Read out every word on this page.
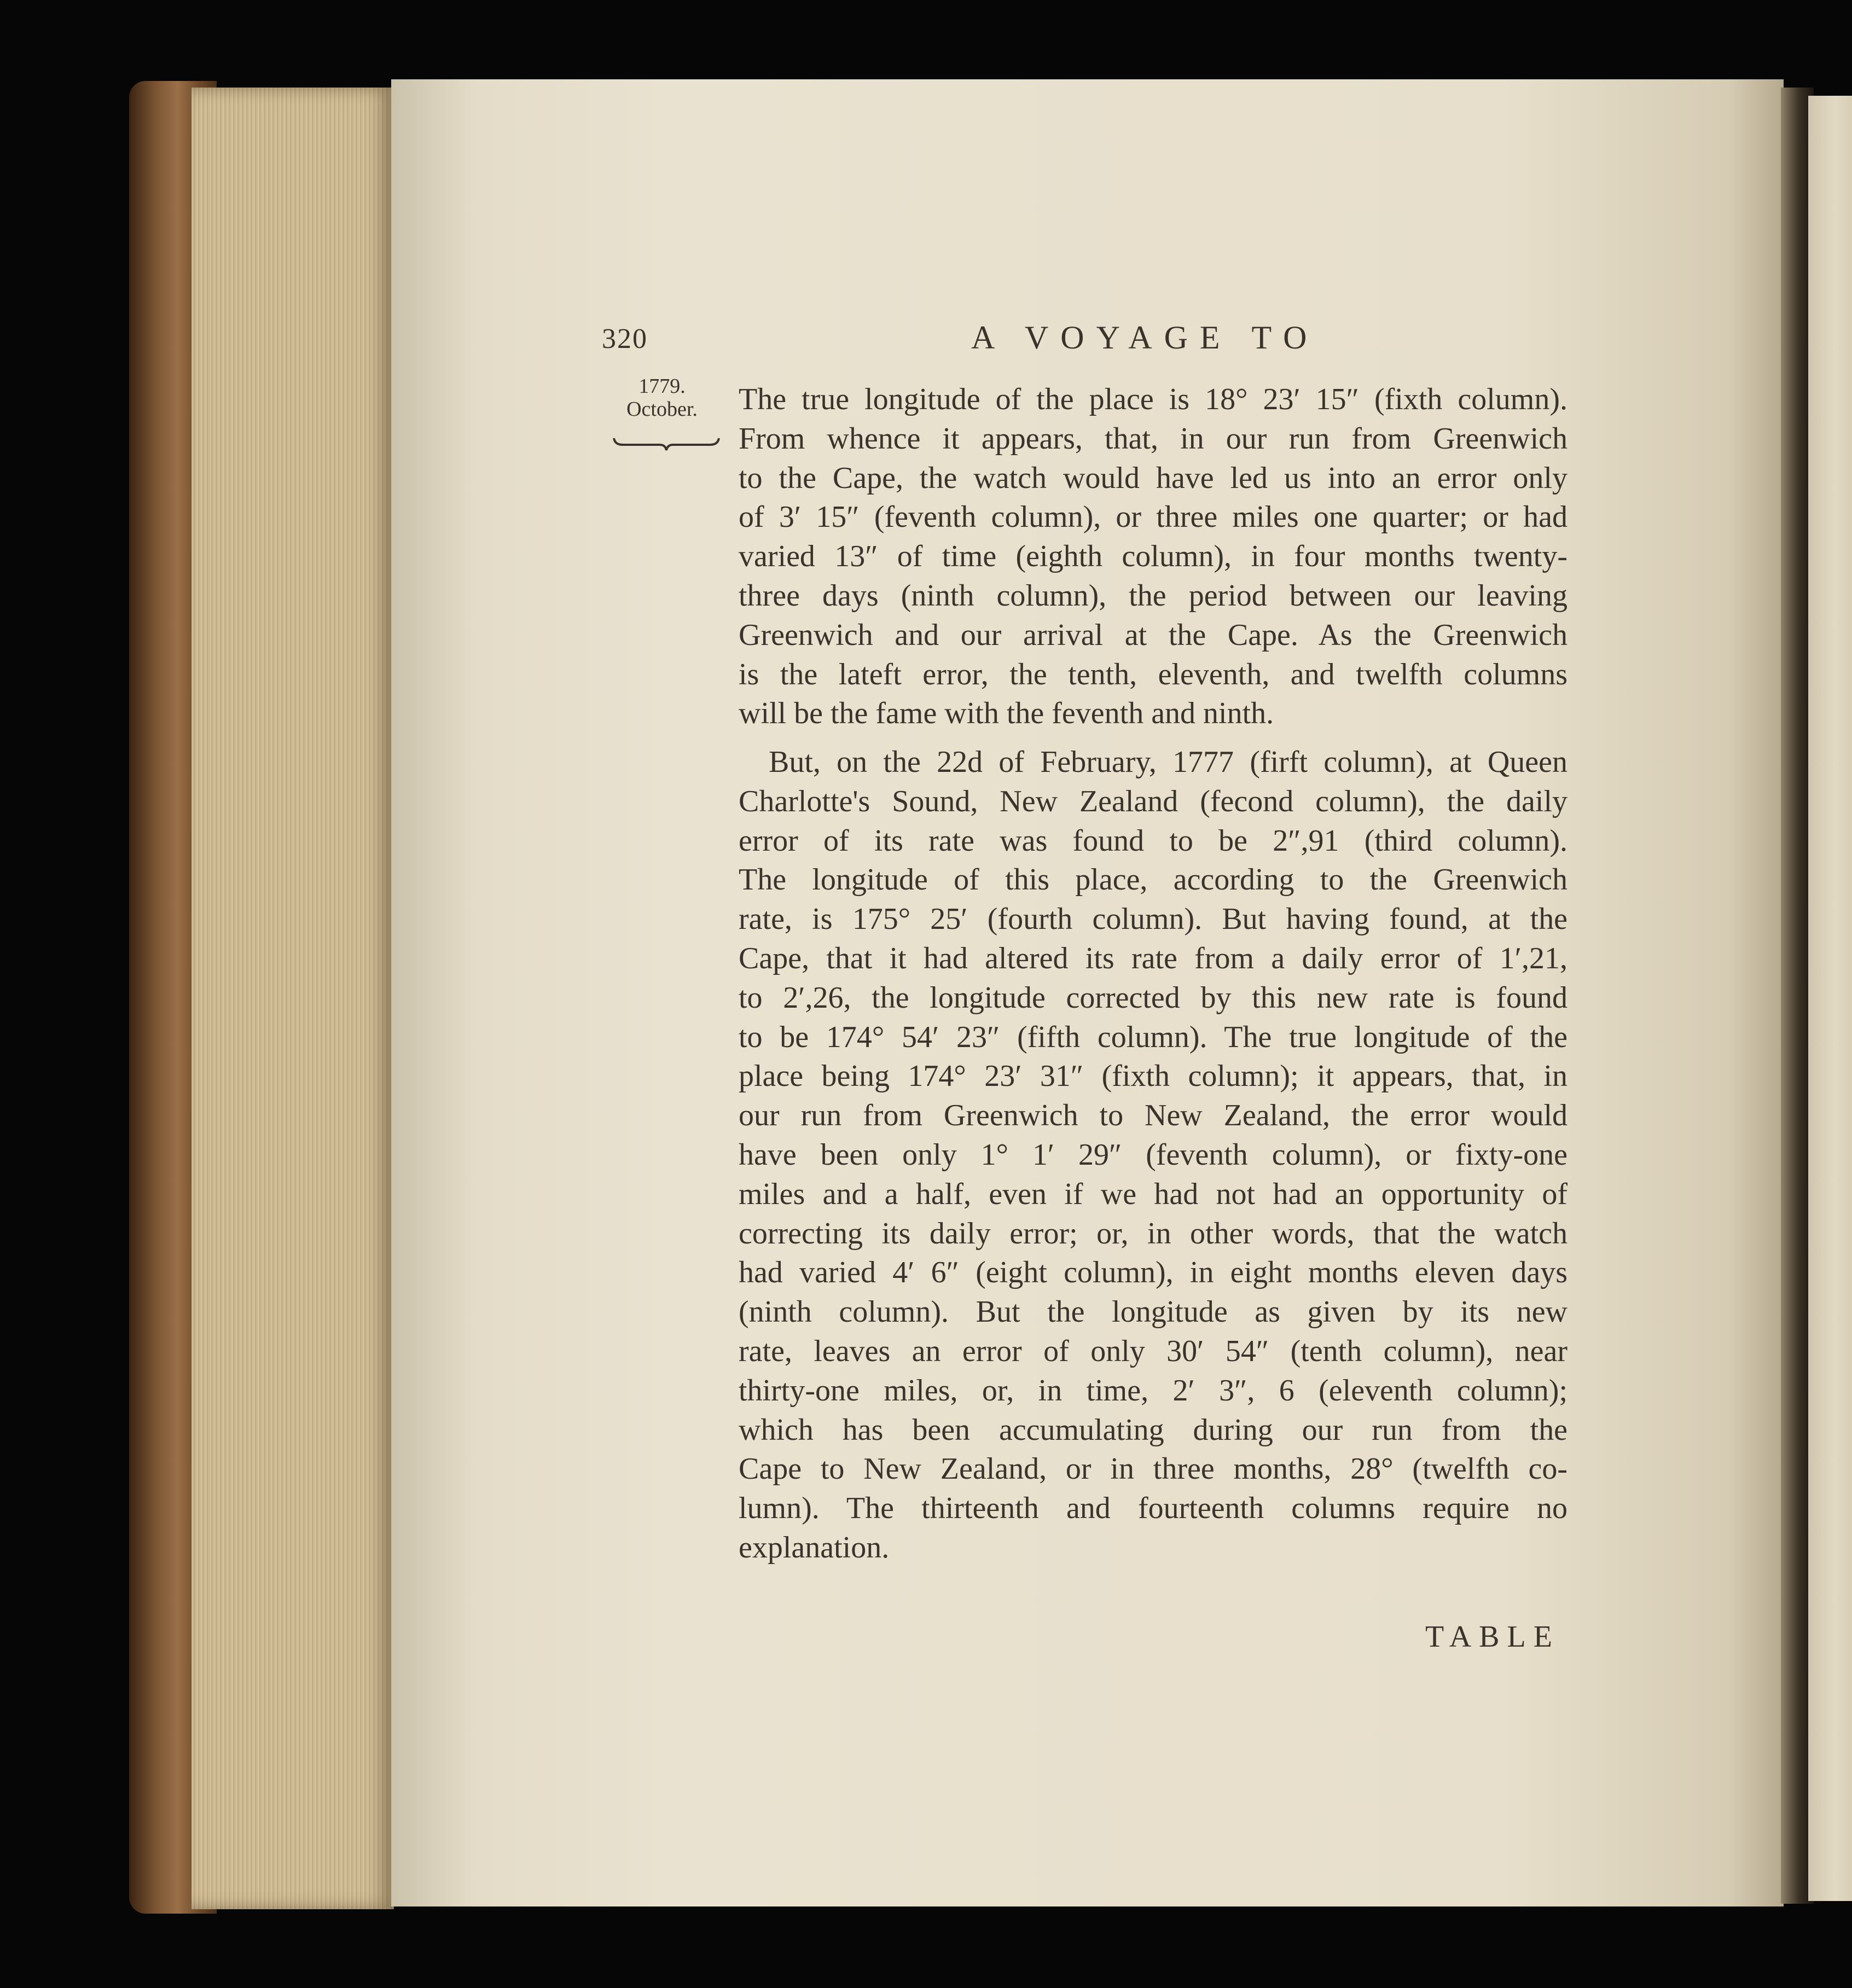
320	A VOYAGE TO
1779.
October.	The true longitude of the place is 18° 23′ 15″ (fixth column).
From whence it appears, that, in our run from Greenwich
to the Cape, the watch would have led us into an error only
of 3′ 15″ (feventh column), or three miles one quarter; or had
varied 13″ of time (eighth column), in four months twenty-
three days (ninth column), the period between our leaving
Greenwich and our arrival at the Cape. As the Greenwich
is the lateft error, the tenth, eleventh, and twelfth columns
will be the fame with the feventh and ninth.
But, on the 22d of February, 1777 (firft column), at Queen
Charlotte's Sound, New Zealand (fecond column), the daily
error of its rate was found to be 2″,91 (third column).
The longitude of this place, according to the Greenwich
rate, is 175° 25′ (fourth column). But having found, at the
Cape, that it had altered its rate from a daily error of 1′,21,
to 2′,26, the longitude corrected by this new rate is found
to be 174° 54′ 23″ (fifth column). The true longitude of the
place being 174° 23′ 31″ (fixth column); it appears, that, in
our run from Greenwich to New Zealand, the error would
have been only 1° 1′ 29″ (feventh column), or fixty-one
miles and a half, even if we had not had an opportunity of
correcting its daily error; or, in other words, that the watch
had varied 4′ 6″ (eight column), in eight months eleven days
(ninth column). But the longitude as given by its new
rate, leaves an error of only 30′ 54″ (tenth column), near
thirty-one miles, or, in time, 2′ 3″, 6 (eleventh column);
which has been accumulating during our run from the
Cape to New Zealand, or in three months, 28° (twelfth co-
lumn). The thirteenth and fourteenth columns require no
explanation.
TABLE
